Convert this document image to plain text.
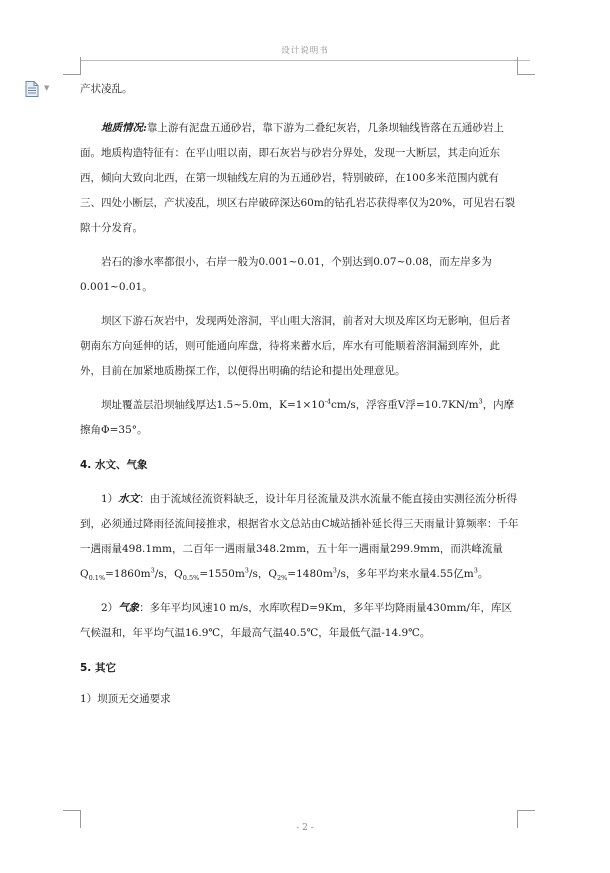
设计说明书
▼	产状凌乱。

地质情况:靠上游有泥盘五通砂岩，靠下游为二叠纪灰岩，几条坝轴线皆落在五通砂岩上面。地质构造特征有：在平山咀以南，即石灰岩与砂岩分界处，发现一大断层，其走向近东西，倾向大致向北西，在第一坝轴线左肩的为五通砂岩，特别破碎，在100多米范围内就有三、四处小断层，产状凌乱，坝区右岸破碎深达60m的钻孔岩芯获得率仅为20%，可见岩石裂隙十分发育。

岩石的渗水率都很小，右岸一般为0.001~0.01，个别达到0.07~0.08，而左岸多为0.001~0.01。

坝区下游石灰岩中，发现两处溶洞，平山咀大溶洞，前者对大坝及库区均无影响，但后者朝南东方向延伸的话，则可能通向库盘，待将来蓄水后，库水有可能顺着溶洞漏到库外，此外，目前在加紧地质勘探工作，以便得出明确的结论和提出处理意见。

坝址覆盖层沿坝轴线厚达1.5~5.0m，$K=1\times 10^{-4}cm/s$，浮容重V浮$=10.7KN/m^3$，内摩擦角Φ=35°。

4. 水文、气象

1）水文：由于流域径流资料缺乏，设计年月径流量及洪水流量不能直接由实测径流分析得到，必须通过降雨径流间接推求，根据省水文总站由C城站插补延长得三天雨量计算频率：千年一遇雨量498.1mm，二百年一遇雨量348.2mm，五十年一遇雨量299.9mm，而洪峰流量$Q_{0.1\%}=1860m^3/s$，$Q_{0.5\%}=1550m^3/s$，$Q_{2\%}=1480m^3/s$，多年平均来水量4.55亿$m^3$。

2）气象：多年平均风速10 m/s，水库吹程D=9Km，多年平均降雨量430mm/年，库区气候温和，年平均气温16.9℃，年最高气温40.5℃，年最低气温-14.9℃。

5. 其它

1）坝顶无交通要求

- 2 -
